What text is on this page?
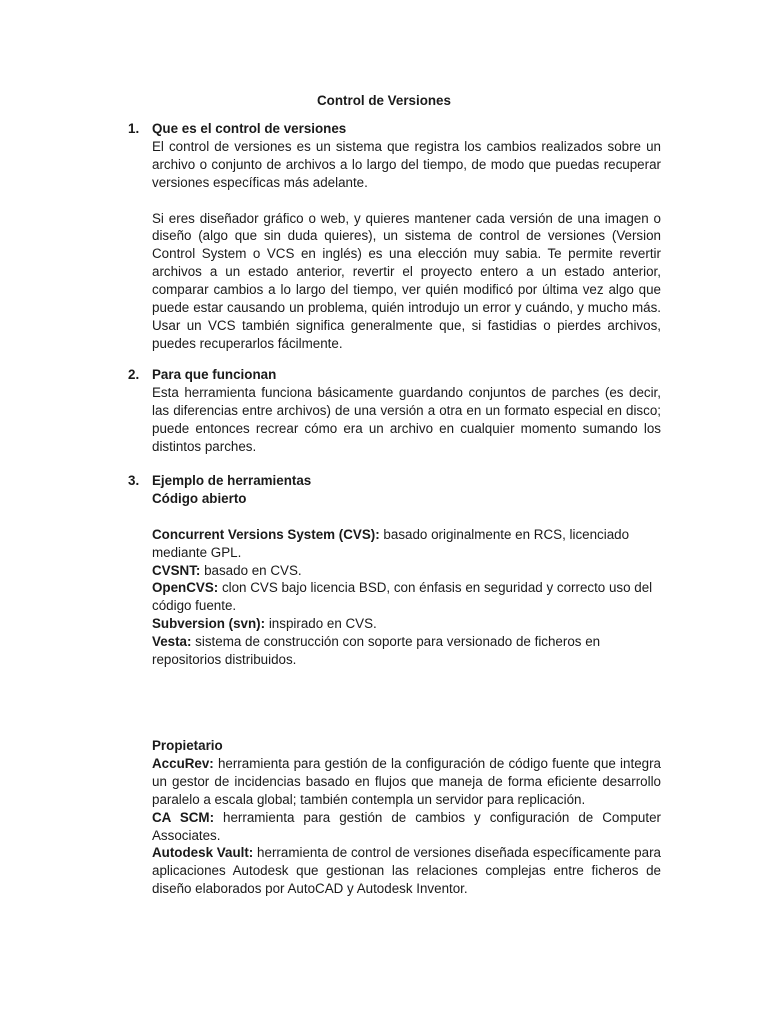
Control de Versiones
1. Que es el control de versiones

El control de versiones es un sistema que registra los cambios realizados sobre un archivo o conjunto de archivos a lo largo del tiempo, de modo que puedas recuperar versiones específicas más adelante.

Si eres diseñador gráfico o web, y quieres mantener cada versión de una imagen o diseño (algo que sin duda quieres), un sistema de control de versiones (Version Control System o VCS en inglés) es una elección muy sabia. Te permite revertir archivos a un estado anterior, revertir el proyecto entero a un estado anterior, comparar cambios a lo largo del tiempo, ver quién modificó por última vez algo que puede estar causando un problema, quién introdujo un error y cuándo, y mucho más. Usar un VCS también significa generalmente que, si fastidias o pierdes archivos, puedes recuperarlos fácilmente.

2. Para que funcionan

Esta herramienta funciona básicamente guardando conjuntos de parches (es decir, las diferencias entre archivos) de una versión a otra en un formato especial en disco; puede entonces recrear cómo era un archivo en cualquier momento sumando los distintos parches.

3. Ejemplo de herramientas

Código abierto

Concurrent Versions System (CVS): basado originalmente en RCS, licenciado mediante GPL.

CVSNT: basado en CVS.

OpenCVS: clon CVS bajo licencia BSD, con énfasis en seguridad y correcto uso del código fuente.

Subversion (svn): inspirado en CVS.

Vesta: sistema de construcción con soporte para versionado de ficheros en repositorios distribuidos.

Propietario

AccuRev: herramienta para gestión de la configuración de código fuente que integra un gestor de incidencias basado en flujos que maneja de forma eficiente desarrollo paralelo a escala global; también contempla un servidor para replicación.

CA SCM: herramienta para gestión de cambios y configuración de Computer Associates.

Autodesk Vault: herramienta de control de versiones diseñada específicamente para aplicaciones Autodesk que gestionan las relaciones complejas entre ficheros de diseño elaborados por AutoCAD y Autodesk Inventor.
